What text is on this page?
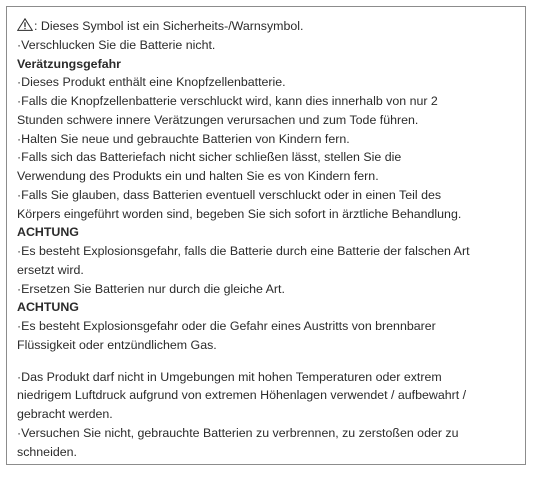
: Dieses Symbol ist ein Sicherheits-/Warnsymbol.
·Verschlucken Sie die Batterie nicht.
Verätzungsgefahr
·Dieses Produkt enthält eine Knopfzellenbatterie.
·Falls die Knopfzellenbatterie verschluckt wird, kann dies innerhalb von nur 2
Stunden schwere innere Verätzungen verursachen und zum Tode führen.
·Halten Sie neue und gebrauchte Batterien von Kindern fern.
·Falls sich das Batteriefach nicht sicher schließen lässt, stellen Sie die
Verwendung des Produkts ein und halten Sie es von Kindern fern.
·Falls Sie glauben, dass Batterien eventuell verschluckt oder in einen Teil des
Körpers eingeführt worden sind, begeben Sie sich sofort in ärztliche Behandlung.
ACHTUNG
·Es besteht Explosionsgefahr, falls die Batterie durch eine Batterie der falschen Art
ersetzt wird.
·Ersetzen Sie Batterien nur durch die gleiche Art.
ACHTUNG
·Es besteht Explosionsgefahr oder die Gefahr eines Austritts von brennbarer
Flüssigkeit oder entzündlichem Gas.
·Das Produkt darf nicht in Umgebungen mit hohen Temperaturen oder extrem
niedrigem Luftdruck aufgrund von extremen Höhenlagen verwendet / aufbewahrt /
gebracht werden.
·Versuchen Sie nicht, gebrauchte Batterien zu verbrennen, zu zerstoßen oder zu
schneiden.
